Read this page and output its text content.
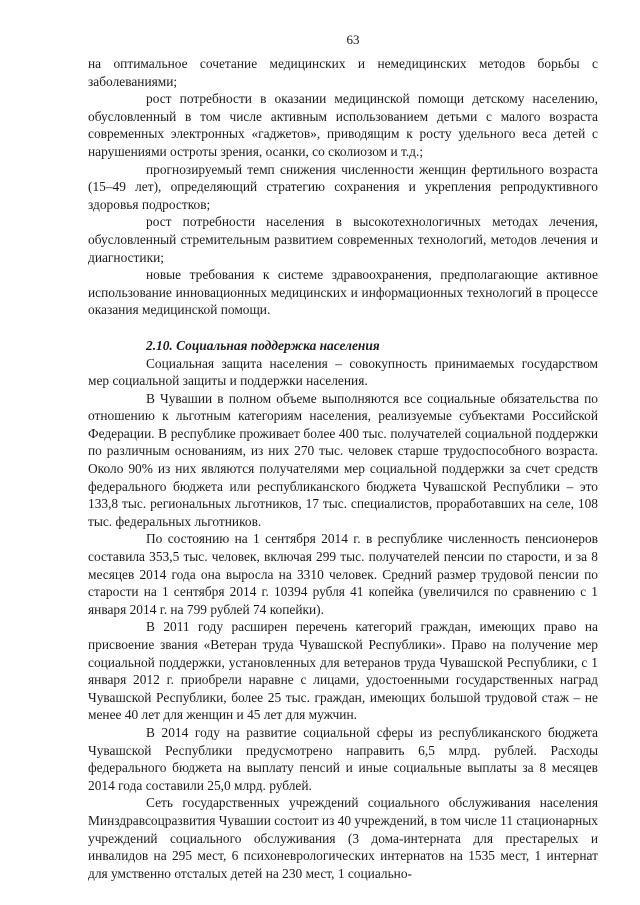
63

на оптимальное сочетание медицинских и немедицинских методов борьбы с заболеваниями;

рост потребности в оказании медицинской помощи детскому населению, обусловленный в том числе активным использованием детьми с малого возраста современных электронных «гаджетов», приводящим к росту удельного веса детей с нарушениями остроты зрения, осанки, со сколиозом и т.д.;

прогнозируемый темп снижения численности женщин фертильного возраста (15–49 лет), определяющий стратегию сохранения и укрепления репродуктивного здоровья подростков;

рост потребности населения в высокотехнологичных методах лечения, обусловленный стремительным развитием современных технологий, методов лечения и диагностики;

новые требования к системе здравоохранения, предполагающие активное использование инновационных медицинских и информационных технологий в процессе оказания медицинской помощи.

2.10. Социальная поддержка населения

Социальная защита населения – совокупность принимаемых государством мер социальной защиты и поддержки населения.

В Чувашии в полном объеме выполняются все социальные обязательства по отношению к льготным категориям населения, реализуемые субъектами Российской Федерации. В республике проживает более 400 тыс. получателей социальной поддержки по различным основаниям, из них 270 тыс. человек старше трудоспособного возраста. Около 90% из них являются получателями мер социальной поддержки за счет средств федерального бюджета или республиканского бюджета Чувашской Республики – это 133,8 тыс. региональных льготников, 17 тыс. специалистов, проработавших на селе, 108 тыс. федеральных льготников.

По состоянию на 1 сентября 2014 г. в республике численность пенсионеров составила 353,5 тыс. человек, включая 299 тыс. получателей пенсии по старости, и за 8 месяцев 2014 года она выросла на 3310 человек. Средний размер трудовой пенсии по старости на 1 сентября 2014 г. 10394 рубля 41 копейка (увеличился по сравнению с 1 января 2014 г. на 799 рублей 74 копейки).

В 2011 году расширен перечень категорий граждан, имеющих право на присвоение звания «Ветеран труда Чувашской Республики». Право на получение мер социальной поддержки, установленных для ветеранов труда Чувашской Республики, с 1 января 2012 г. приобрели наравне с лицами, удостоенными государственных наград Чувашской Республики, более 25 тыс. граждан, имеющих большой трудовой стаж – не менее 40 лет для женщин и 45 лет для мужчин.

В 2014 году на развитие социальной сферы из республиканского бюджета Чувашской Республики предусмотрено направить 6,5 млрд. рублей. Расходы федерального бюджета на выплату пенсий и иные социальные выплаты за 8 месяцев 2014 года составили 25,0 млрд. рублей.

Сеть государственных учреждений социального обслуживания населения Минздравсоцразвития Чувашии состоит из 40 учреждений, в том числе 11 стационарных учреждений социального обслуживания (3 дома-интерната для престарелых и инвалидов на 295 мест, 6 психоневрологических интернатов на 1535 мест, 1 интернат для умственно отсталых детей на 230 мест, 1 социально-
